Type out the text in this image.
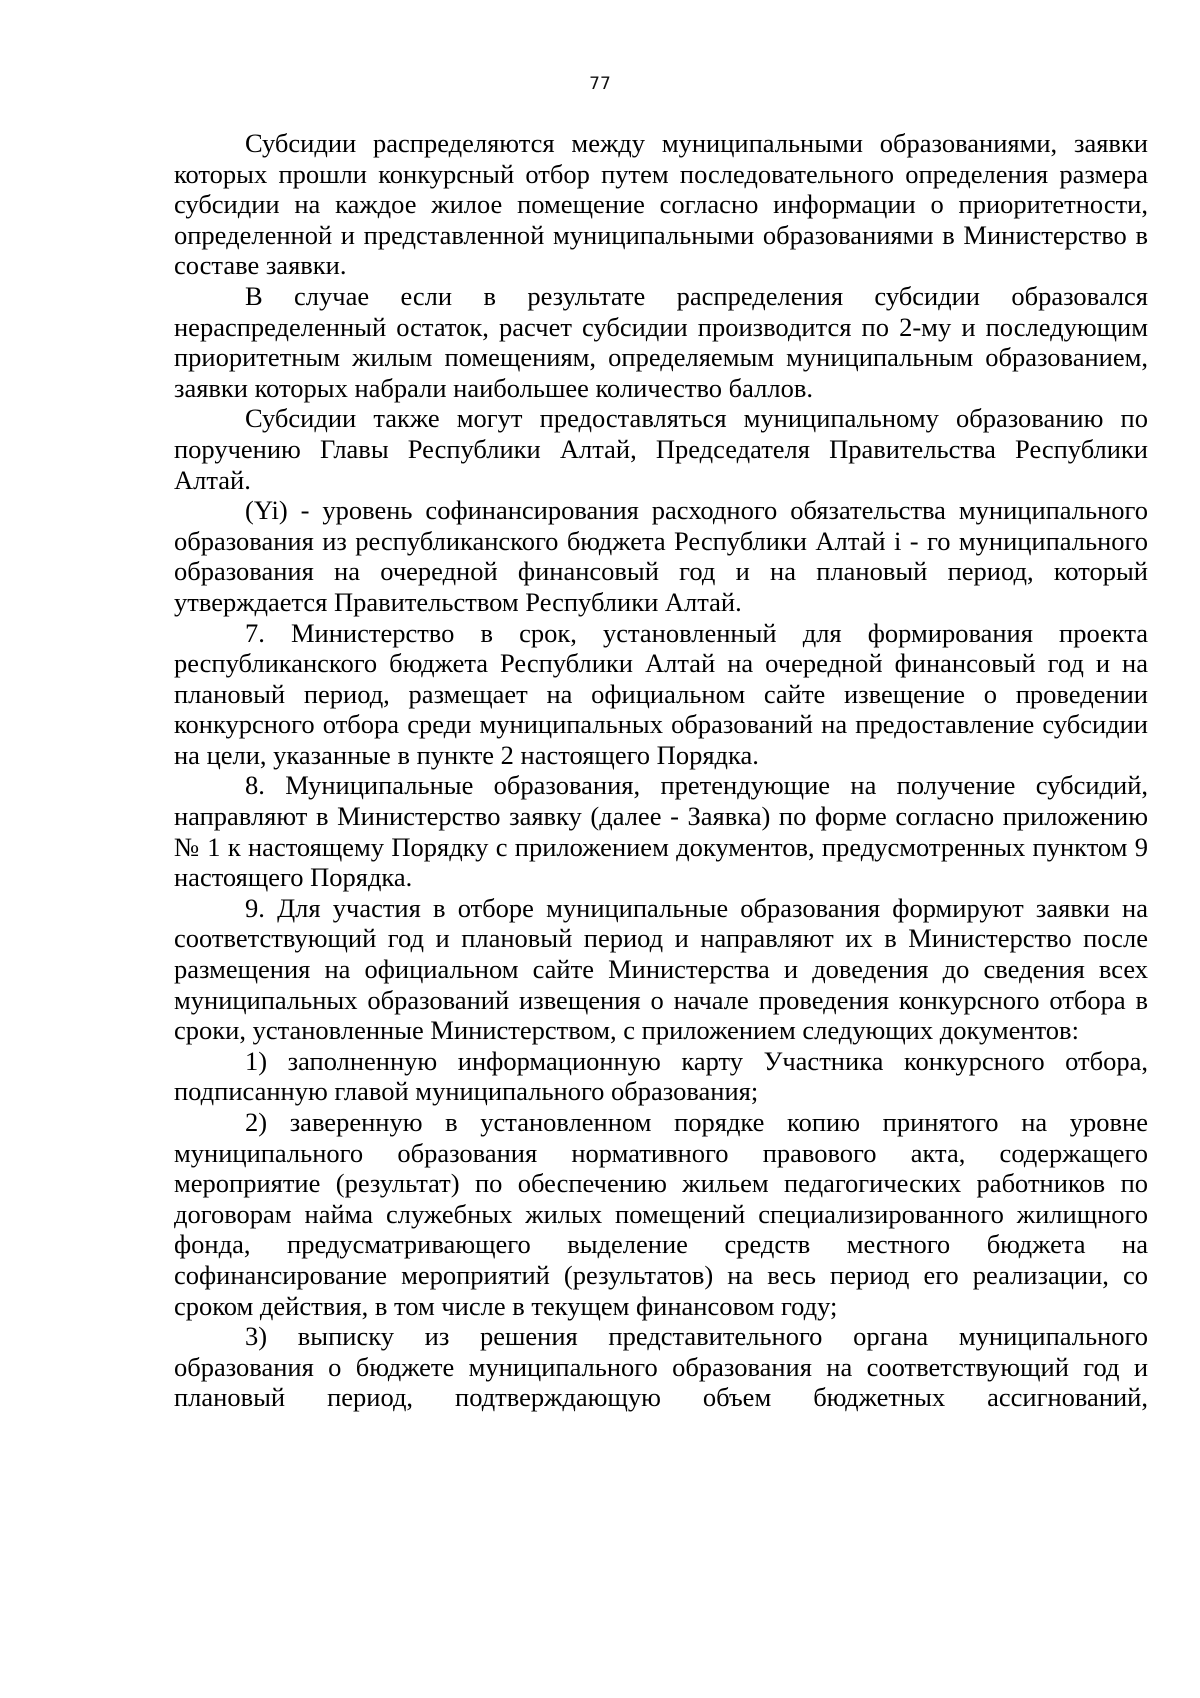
77

Субсидии распределяются между муниципальными образованиями, заявки которых прошли конкурсный отбор путем последовательного определения размера субсидии на каждое жилое помещение согласно информации о приоритетности, определенной и представленной муниципальными образованиями в Министерство в составе заявки.

В случае если в результате распределения субсидии образовался нераспределенный остаток, расчет субсидии производится по 2-му и последующим приоритетным жилым помещениям, определяемым муниципальным образованием, заявки которых набрали наибольшее количество баллов.

Субсидии также могут предоставляться муниципальному образованию по поручению Главы Республики Алтай, Председателя Правительства Республики Алтай.

(Yi) - уровень софинансирования расходного обязательства муниципального образования из республиканского бюджета Республики Алтай i - го муниципального образования на очередной финансовый год и на плановый период, который утверждается Правительством Республики Алтай.

7. Министерство в срок, установленный для формирования проекта республиканского бюджета Республики Алтай на очередной финансовый год и на плановый период, размещает на официальном сайте извещение о проведении конкурсного отбора среди муниципальных образований на предоставление субсидии на цели, указанные в пункте 2 настоящего Порядка.

8. Муниципальные образования, претендующие на получение субсидий, направляют в Министерство заявку (далее - Заявка) по форме согласно приложению № 1 к настоящему Порядку с приложением документов, предусмотренных пунктом 9 настоящего Порядка.

9. Для участия в отборе муниципальные образования формируют заявки на соответствующий год и плановый период и направляют их в Министерство после размещения на официальном сайте Министерства и доведения до сведения всех муниципальных образований извещения о начале проведения конкурсного отбора в сроки, установленные Министерством, с приложением следующих документов:

1) заполненную информационную карту Участника конкурсного отбора, подписанную главой муниципального образования;

2) заверенную в установленном порядке копию принятого на уровне муниципального образования нормативного правового акта, содержащего мероприятие (результат) по обеспечению жильем педагогических работников по договорам найма служебных жилых помещений специализированного жилищного фонда, предусматривающего выделение средств местного бюджета на софинансирование мероприятий (результатов) на весь период его реализации, со сроком действия, в том числе в текущем финансовом году;

3) выписку из решения представительного органа муниципального образования о бюджете муниципального образования на соответствующий год и плановый период, подтверждающую объем бюджетных ассигнований,
